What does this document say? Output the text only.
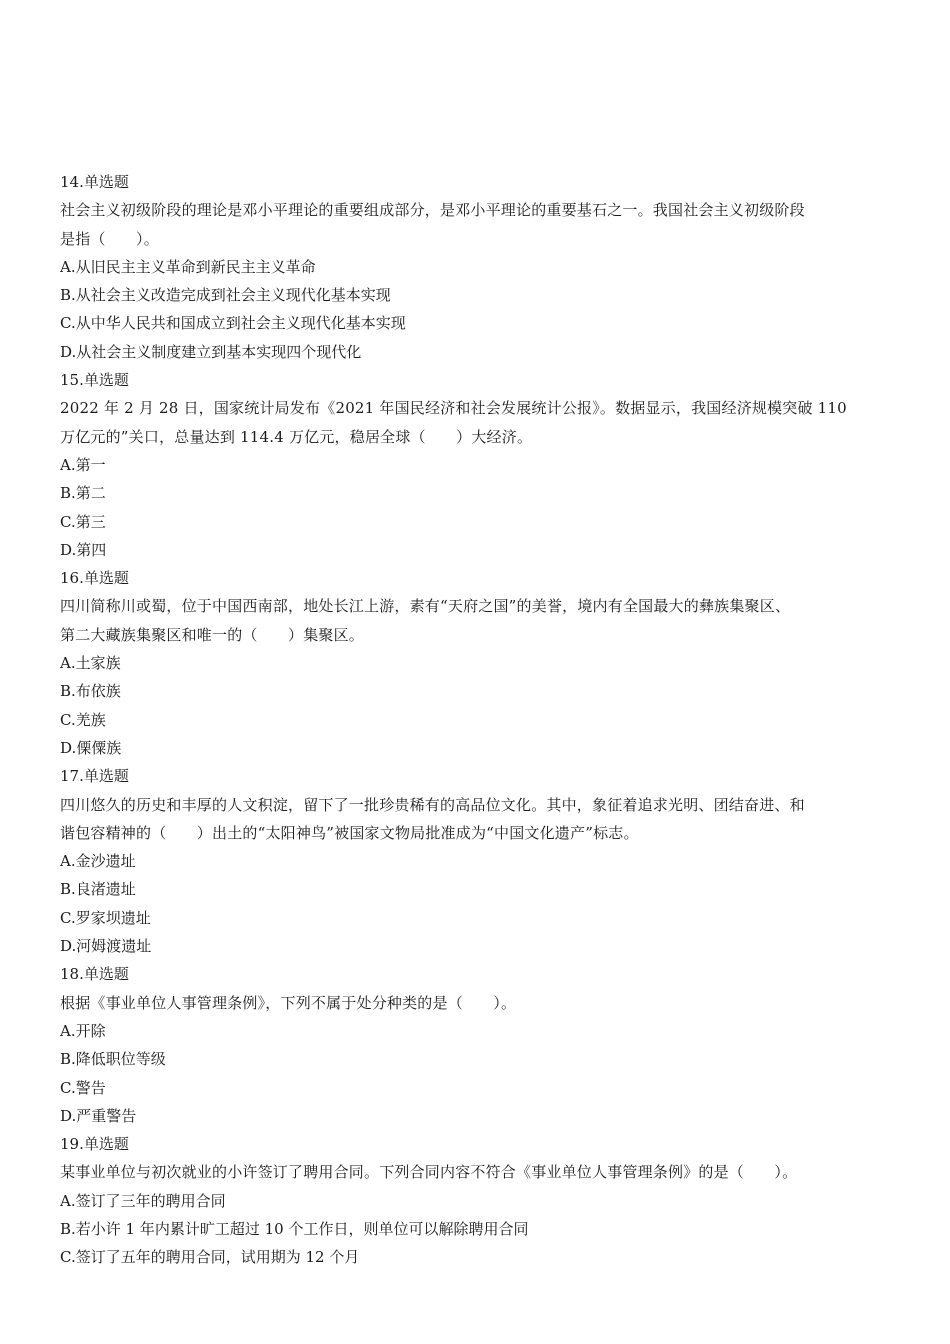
14.单选题
社会主义初级阶段的理论是邓小平理论的重要组成部分，是邓小平理论的重要基石之一。我国社会主义初级阶段
是指（　　）。
A.从旧民主主义革命到新民主主义革命
B.从社会主义改造完成到社会主义现代化基本实现
C.从中华人民共和国成立到社会主义现代化基本实现
D.从社会主义制度建立到基本实现四个现代化
15.单选题
2022 年 2 月 28 日，国家统计局发布《2021 年国民经济和社会发展统计公报》。数据显示，我国经济规模突破 110
万亿元的”关口，总量达到 114.4 万亿元，稳居全球（　　）大经济。
A.第一
B.第二
C.第三
D.第四
16.单选题
四川简称川或蜀，位于中国西南部，地处长江上游，素有“天府之国”的美誉，境内有全国最大的彝族集聚区、
第二大藏族集聚区和唯一的（　　）集聚区。
A.土家族
B.布依族
C.羌族
D.傈僳族
17.单选题
四川悠久的历史和丰厚的人文积淀，留下了一批珍贵稀有的高品位文化。其中，象征着追求光明、团结奋进、和
谐包容精神的（　　）出土的“太阳神鸟”被国家文物局批准成为“中国文化遗产”标志。
A.金沙遗址
B.良渚遗址
C.罗家坝遗址
D.河姆渡遗址
18.单选题
根据《事业单位人事管理条例》，下列不属于处分种类的是（　　）。
A.开除
B.降低职位等级
C.警告
D.严重警告
19.单选题
某事业单位与初次就业的小许签订了聘用合同。下列合同内容不符合《事业单位人事管理条例》的是（　　）。
A.签订了三年的聘用合同
B.若小许 1 年内累计旷工超过 10 个工作日，则单位可以解除聘用合同
C.签订了五年的聘用合同，试用期为 12 个月
